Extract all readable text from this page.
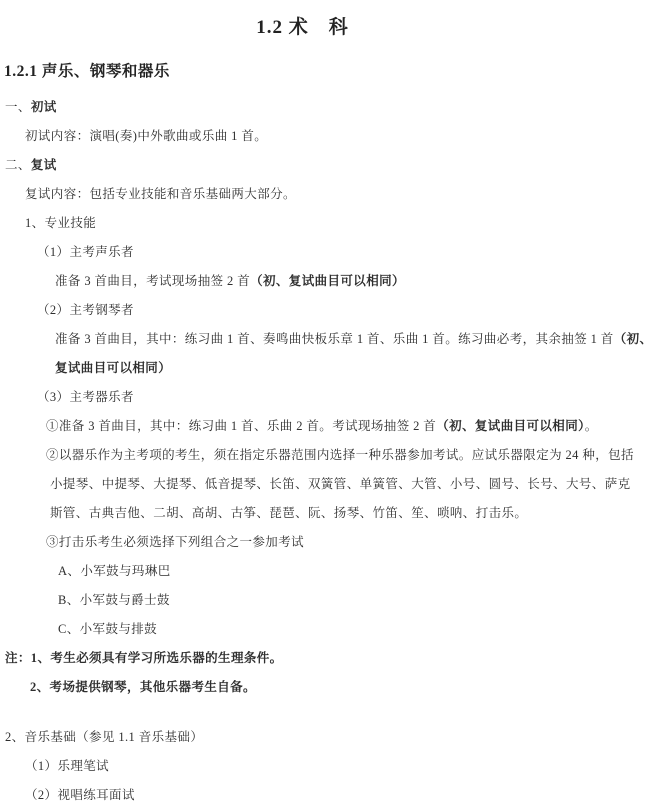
1.2 术　科
1.2.1 声乐、钢琴和器乐
一、初试
初试内容：演唱(奏)中外歌曲或乐曲 1 首。
二、复试
复试内容：包括专业技能和音乐基础两大部分。
1、专业技能
（1）主考声乐者
准备 3 首曲目，考试现场抽签 2 首（初、复试曲目可以相同）
（2）主考钢琴者
准备 3 首曲目，其中：练习曲 1 首、奏鸣曲快板乐章 1 首、乐曲 1 首。练习曲必考，其余抽签 1 首（初、
复试曲目可以相同）
（3）主考器乐者
①准备 3 首曲目，其中：练习曲 1 首、乐曲 2 首。考试现场抽签 2 首（初、复试曲目可以相同）。
②以器乐作为主考项的考生，须在指定乐器范围内选择一种乐器参加考试。应试乐器限定为 24 种，包括
小提琴、中提琴、大提琴、低音提琴、长笛、双簧管、单簧管、大管、小号、圆号、长号、大号、萨克
斯管、古典吉他、二胡、高胡、古筝、琵琶、阮、扬琴、竹笛、笙、唢呐、打击乐。
③打击乐考生必须选择下列组合之一参加考试
A、小军鼓与玛琳巴
B、小军鼓与爵士鼓
C、小军鼓与排鼓
注：1、考生必须具有学习所选乐器的生理条件。
2、考场提供钢琴，其他乐器考生自备。
2、音乐基础（参见 1.1 音乐基础）
（1）乐理笔试
（2）视唱练耳面试
